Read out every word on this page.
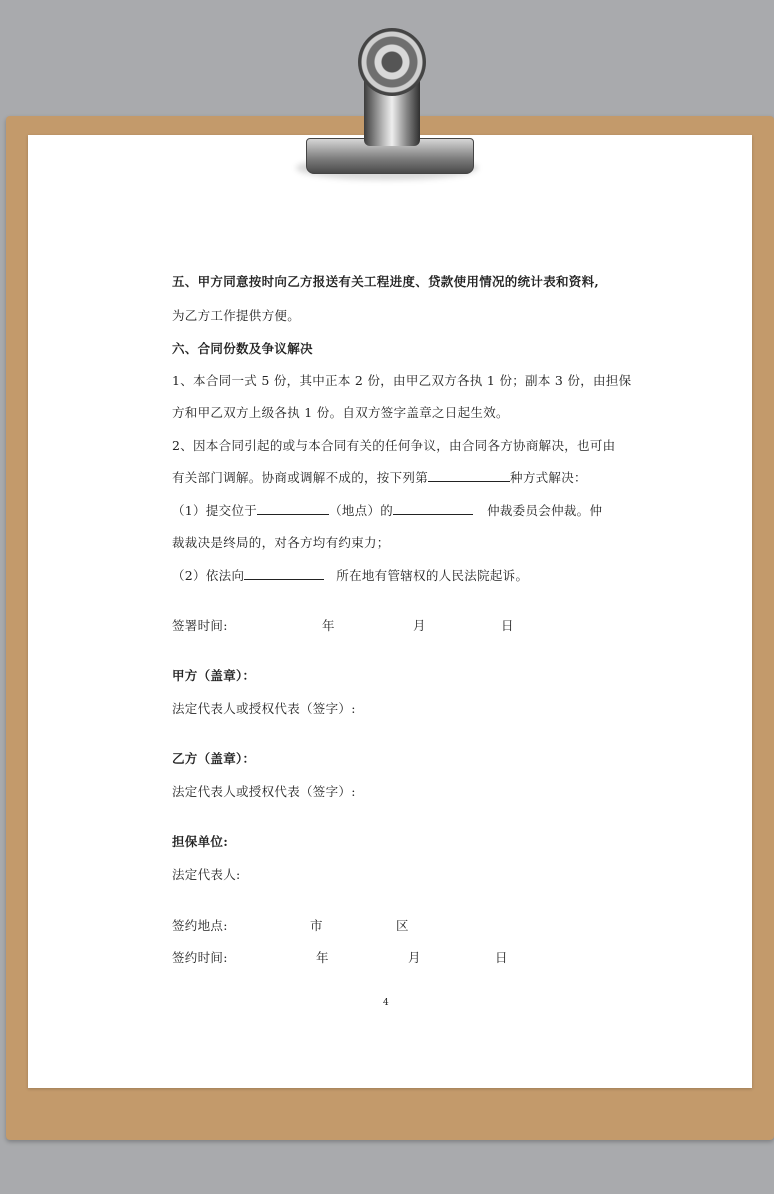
五、甲方同意按时向乙方报送有关工程进度、贷款使用情况的统计表和资料,
为乙方工作提供方便。
六、合同份数及争议解决
1、本合同一式 5 份，其中正本 2 份，由甲乙双方各执 1 份；副本 3 份，由担保
方和甲乙双方上级各执 1 份。自双方签字盖章之日起生效。
2、因本合同引起的或与本合同有关的任何争议，由合同各方协商解决，也可由
有关部门调解。协商或调解不成的，按下列第	种方式解决：
（1）提交位于	（地点）的	仲裁委员会仲裁。仲
裁裁决是终局的，对各方均有约束力；
（2）依法向	所在地有管辖权的人民法院起诉。
签署时间:	年	月	日
甲方（盖章）：
法定代表人或授权代表（签字）:
乙方（盖章）：
法定代表人或授权代表（签字）:
担保单位:
法定代表人:
签约地点:	市	区
签约时间:	年	月	日
4
